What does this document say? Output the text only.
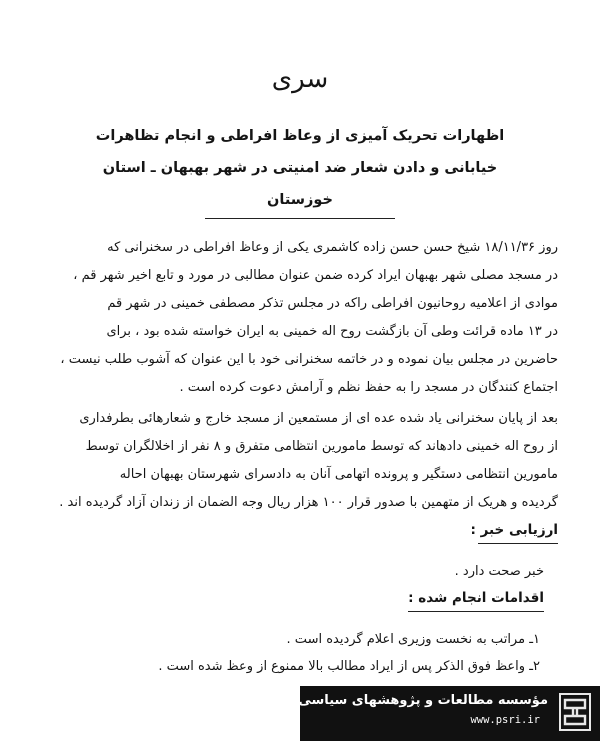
سری
اظهارات تحریک آمیزی از وعاظ افراطی و انجام تظاهرات
خیابانی و دادن شعار ضد امنیتی در شهر بهبهان ـ استان
خوزستان
روز ۱۸/۱۱/۳۶ شیخ حسن حسن زاده کاشمری یکی از وعاظ افراطی در سخنرانی که
در مسجد مصلی شهر بهبهان ایراد کرده ضمن عنوان مطالبی در مورد و تابع اخیر شهر قم ،
موادی از اعلامیه روحانیون افراطی راکه در مجلس تذکر مصطفی خمینی در شهر قم
در ۱۳ ماده قرائت وطی آن بازگشت روح اله خمینی به ایران خواسته شده بود ، برای
حاضرین در مجلس بیان نموده و در خاتمه سخنرانی خود با این عنوان که آشوب طلب نیست ،
اجتماع کنندگان در مسجد را به حفظ نظم و آرامش دعوت کرده است .
بعد از پایان سخنرانی یاد شده عده ای از مستمعین از مسجد خارج و شعارهائی بطرفداری
از روح اله خمینی دادهاند که توسط مامورین انتظامی متفرق و ۸ نفر از اخلالگران توسط
مامورین انتظامی دستگیر و پرونده اتهامی آنان به دادسرای شهرستان بهبهان احاله
گردیده و هریک از متهمین با صدور قرار ۱۰۰ هزار ریال وجه الضمان از زندان آزاد گردیده اند .
ارزیابی خبر :
خبر صحت دارد .
اقدامات انجام شده :
۱ـ مراتب به نخست وزیری اعلام گردیده است .
۲ـ واعظ فوق الذکر پس از ایراد مطالب بالا ممنوع از وعظ شده است .
مؤسسه مطالعات و پژوهشهای سیاسی
www.psri.ir
